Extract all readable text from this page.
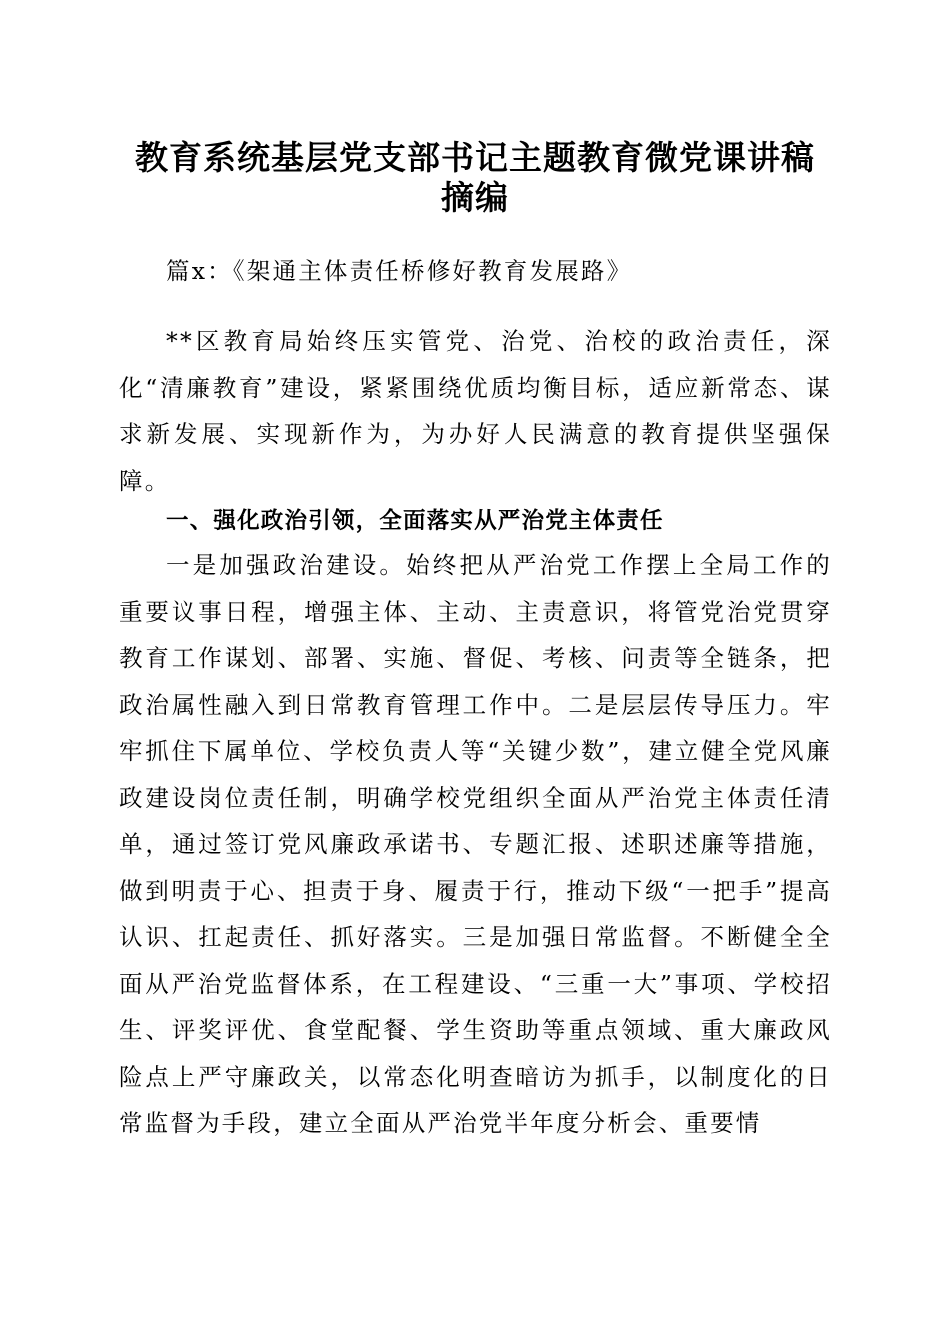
教育系统基层党支部书记主题教育微党课讲稿
摘编

篇x：《架通主体责任桥修好教育发展路》

**区教育局始终压实管党、治党、治校的政治责任，深化“清廉教育”建设，紧紧围绕优质均衡目标，适应新常态、谋求新发展、实现新作为，为办好人民满意的教育提供坚强保障。

一、强化政治引领，全面落实从严治党主体责任

一是加强政治建设。始终把从严治党工作摆上全局工作的重要议事日程，增强主体、主动、主责意识，将管党治党贯穿教育工作谋划、部署、实施、督促、考核、问责等全链条，把政治属性融入到日常教育管理工作中。二是层层传导压力。牢牢抓住下属单位、学校负责人等“关键少数”，建立健全党风廉政建设岗位责任制，明确学校党组织全面从严治党主体责任清单，通过签订党风廉政承诺书、专题汇报、述职述廉等措施，做到明责于心、担责于身、履责于行，推动下级“一把手”提高认识、扛起责任、抓好落实。三是加强日常监督。不断健全全面从严治党监督体系，在工程建设、“三重一大”事项、学校招生、评奖评优、食堂配餐、学生资助等重点领域、重大廉政风险点上严守廉政关，以常态化明查暗访为抓手，以制度化的日常监督为手段，建立全面从严治党半年度分析会、重要情
